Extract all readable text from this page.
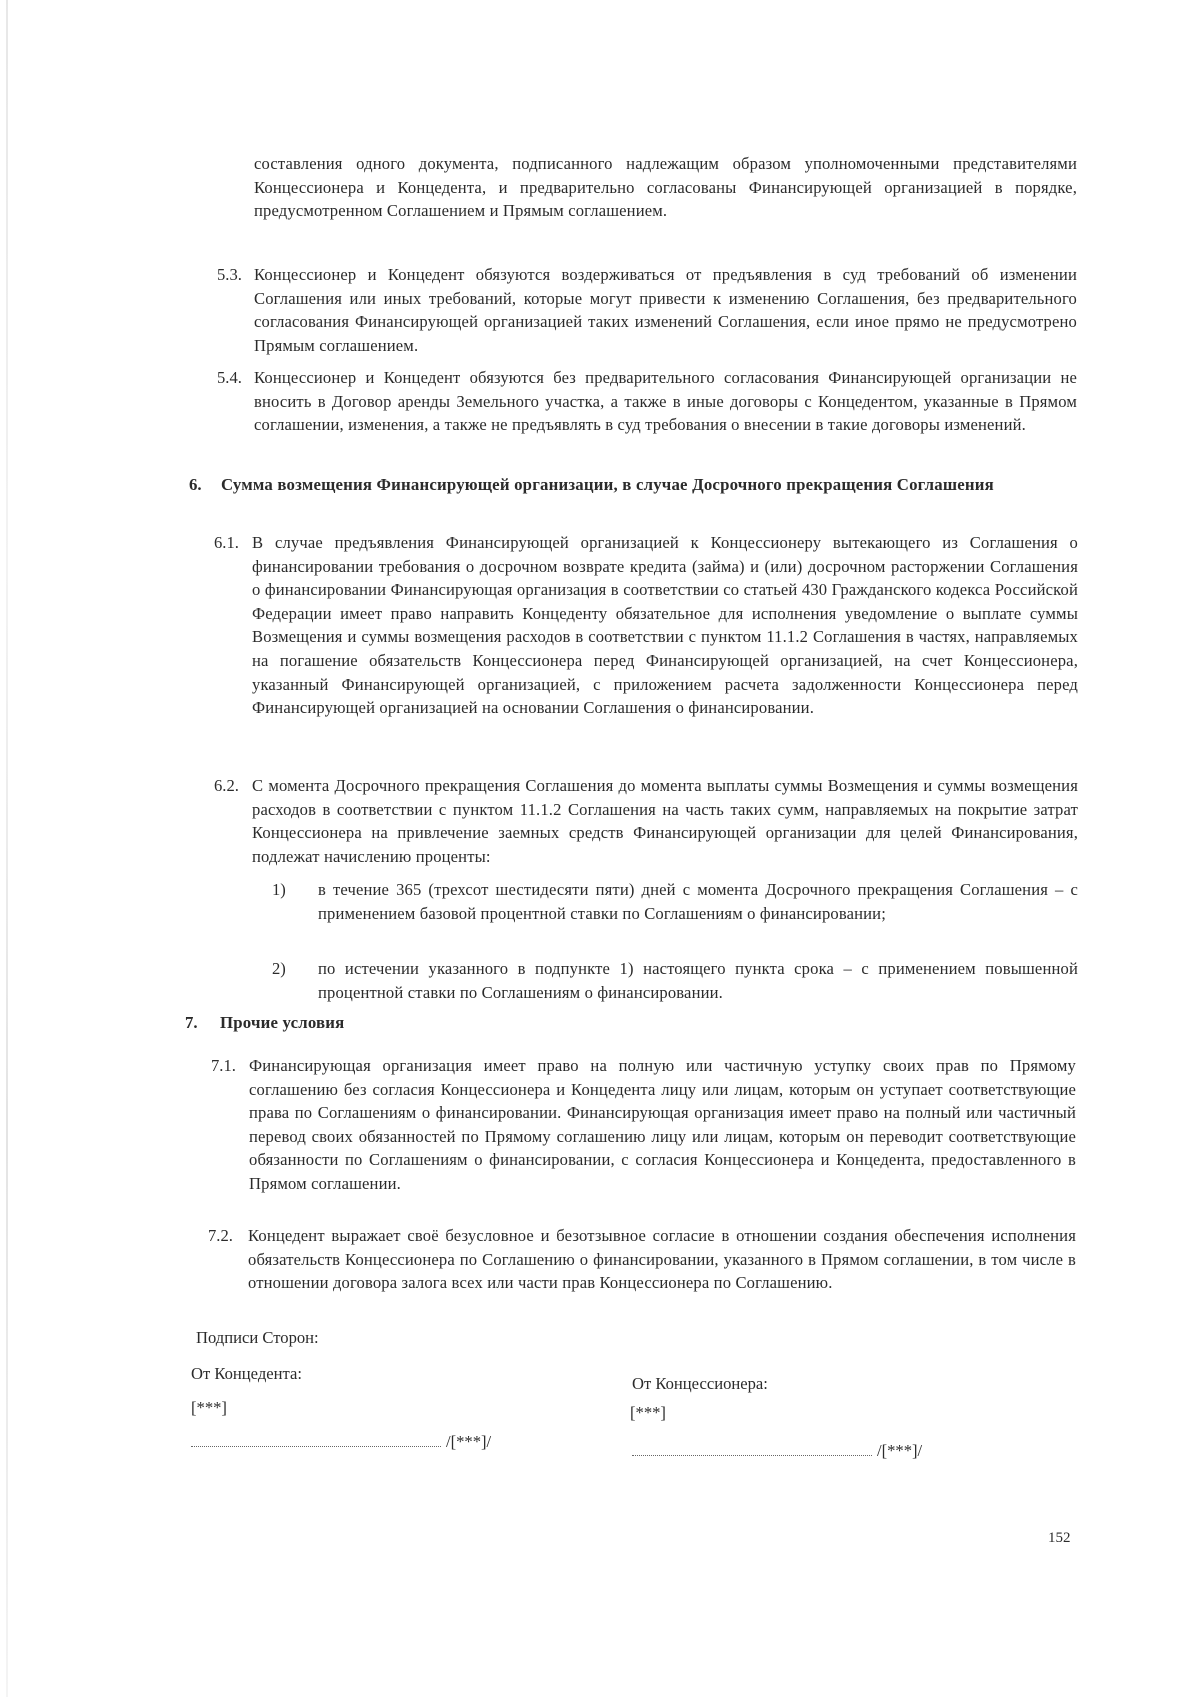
составления одного документа, подписанного надлежащим образом уполномоченными представителями Концессионера и Концедента, и предварительно согласованы Финансирующей организацией в порядке, предусмотренном Соглашением и Прямым соглашением.
5.3. Концессионер и Концедент обязуются воздерживаться от предъявления в суд требований об изменении Соглашения или иных требований, которые могут привести к изменению Соглашения, без предварительного согласования Финансирующей организацией таких изменений Соглашения, если иное прямо не предусмотрено Прямым соглашением.
5.4. Концессионер и Концедент обязуются без предварительного согласования Финансирующей организации не вносить в Договор аренды Земельного участка, а также в иные договоры с Концедентом, указанные в Прямом соглашении, изменения, а также не предъявлять в суд требования о внесении в такие договоры изменений.
6. Сумма возмещения Финансирующей организации, в случае Досрочного прекращения Соглашения
6.1. В случае предъявления Финансирующей организацией к Концессионеру вытекающего из Соглашения о финансировании требования о досрочном возврате кредита (займа) и (или) досрочном расторжении Соглашения о финансировании Финансирующая организация в соответствии со статьей 430 Гражданского кодекса Российской Федерации имеет право направить Концеденту обязательное для исполнения уведомление о выплате суммы Возмещения и суммы возмещения расходов в соответствии с пунктом 11.1.2 Соглашения в частях, направляемых на погашение обязательств Концессионера перед Финансирующей организацией, на счет Концессионера, указанный Финансирующей организацией, с приложением расчета задолженности Концессионера перед Финансирующей организацией на основании Соглашения о финансировании.
6.2. С момента Досрочного прекращения Соглашения до момента выплаты суммы Возмещения и суммы возмещения расходов в соответствии с пунктом 11.1.2 Соглашения на часть таких сумм, направляемых на покрытие затрат Концессионера на привлечение заемных средств Финансирующей организации для целей Финансирования, подлежат начислению проценты:
1) в течение 365 (трехсот шестидесяти пяти) дней с момента Досрочного прекращения Соглашения – с применением базовой процентной ставки по Соглашениям о финансировании;
2) по истечении указанного в подпункте 1) настоящего пункта срока – с применением повышенной процентной ставки по Соглашениям о финансировании.
7. Прочие условия
7.1. Финансирующая организация имеет право на полную или частичную уступку своих прав по Прямому соглашению без согласия Концессионера и Концедента лицу или лицам, которым он уступает соответствующие права по Соглашениям о финансировании. Финансирующая организация имеет право на полный или частичный перевод своих обязанностей по Прямому соглашению лицу или лицам, которым он переводит соответствующие обязанности по Соглашениям о финансировании, с согласия Концессионера и Концедента, предоставленного в Прямом соглашении.
7.2. Концедент выражает своё безусловное и безотзывное согласие в отношении создания обеспечения исполнения обязательств Концессионера по Соглашению о финансировании, указанного в Прямом соглашении, в том числе в отношении договора залога всех или части прав Концессионера по Соглашению.
Подписи Сторон:
От Концедента:
[***]
/[***]/
От Концессионера:
[***]
/[***]/
152
